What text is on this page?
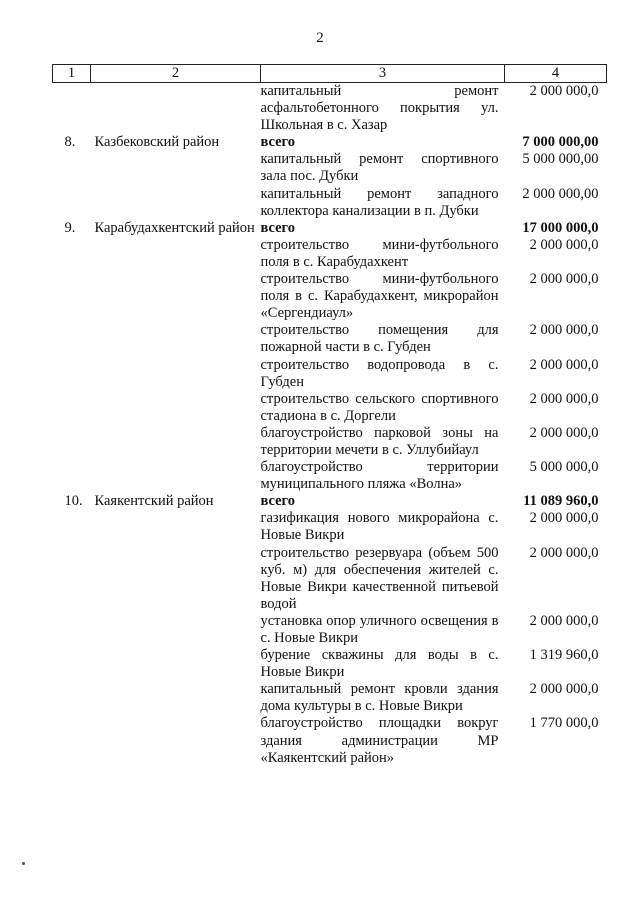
2
1	2	3	4
		капитальный ремонт асфальтобетонного покрытия ул. Школьная в с. Хазар	2 000 000,0
8.	Казбековский район	всего	7 000 000,00
		капитальный ремонт спортивного зала пос. Дубки	5 000 000,00
		капитальный ремонт западного коллектора канализации в п. Дубки	2 000 000,00
9.	Карабудахкентский район	всего	17 000 000,0
		строительство мини-футбольного поля в с. Карабудахкент	2 000 000,0
		строительство мини-футбольного поля в с. Карабудахкент, микрорайон «Сергендиаул»	2 000 000,0
		строительство помещения для пожарной части в с. Губден	2 000 000,0
		строительство водопровода в с. Губден	2 000 000,0
		строительство сельского спортивного стадиона в с. Доргели	2 000 000,0
		благоустройство парковой зоны на территории мечети в с. Уллубийаул	2 000 000,0
		благоустройство территории муниципального пляжа «Волна»	5 000 000,0
10.	Каякентский район	всего	11 089 960,0
		газификация нового микрорайона с. Новые Викри	2 000 000,0
		строительство резервуара (объем 500 куб. м) для обеспечения жителей с. Новые Викри качественной питьевой водой	2 000 000,0
		установка опор уличного освещения в с. Новые Викри	2 000 000,0
		бурение скважины для воды в с. Новые Викри	1 319 960,0
		капитальный ремонт кровли здания дома культуры в с. Новые Викри	2 000 000,0
		благоустройство площадки вокруг здания администрации МР «Каякентский район»	1 770 000,0
